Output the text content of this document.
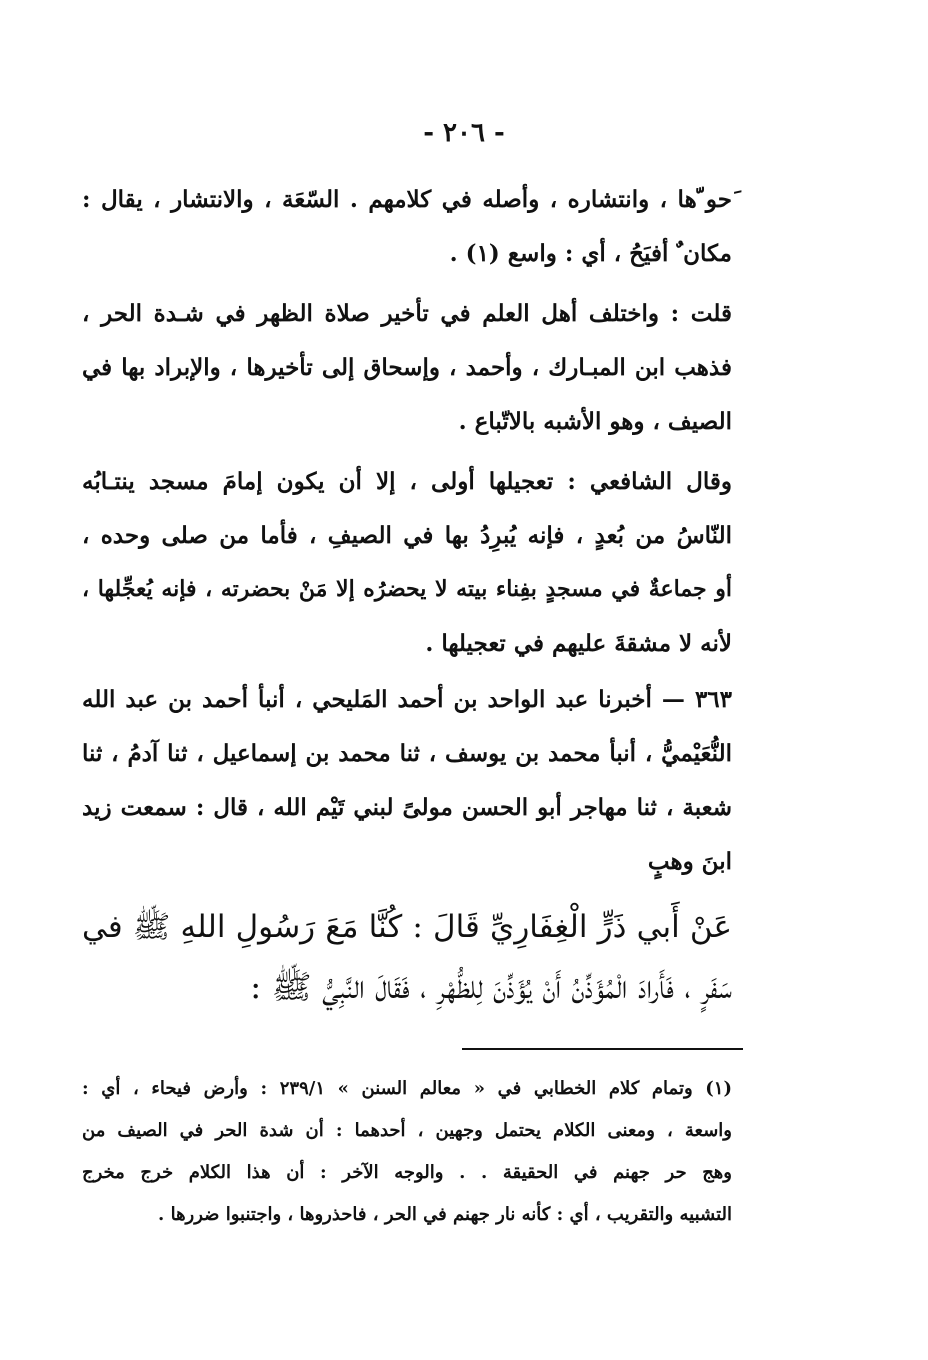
- ٢٠٦ -
َحو ّها ، وانتشاره ، وأصله في كلامهم . السّعَة ، والانتشار ، يقال :
مكان ٌ أفيَحُ ، أي : واسع (١) .
قلت : واختلف أهل العلم في تأخير صلاة الظهر في شـدة الحر ،
فذهب ابن المبـارك ، وأحمد ، وإسحاق إلى تأخيرها ، والإبراد بها في
الصيف ، وهو الأشبه بالاتّباع .
وقال الشافعي : تعجيلها أولى ، إلا أن يكون إمامَ مسجد ينتـابُه
النّاسُ من بُعدٍ ، فإنه يُبرِدُ بها في الصيفِ ، فأما من صلى وحده ،
أو جماعةٌ في مسجدٍ بفِناء بيته لا يحضرُه إلا مَنْ بحضرته ، فإنه يُعجِّلها ،
لأنه لا مشقةَ عليهم في تعجيلها .
٣٦٣ — أخبرنا عبد الواحد بن أحمد المَليحي ، أنبأ أحمد بن عبد الله
النُّعَيْميُّ ، أنبأ محمد بن يوسف ، ثنا محمد بن إسماعيل ، ثنا آدمُ ، ثنا
شعبة ، ثنا مهاجر أبو الحسن مولىً لبني تَيْم الله ، قال : سمعت زيد
ابنَ وهبٍ
عَنْ أَبي ذَرٍّ الْغِفَارِيِّ قَالَ : كُنَّا مَعَ رَسُولِ اللهِ ﷺ في
سَفَرٍ ، فَأَرادَ الْمُؤَذِّنُ أَنْ يُؤَذِّنَ لِلظُّهْرِ ، فَقَالَ النَّبِيُّ ﷺ :
(١) وتمام كلام الخطابي في « معالم السنن » ٢٣٩/١ : وأرض فيحاء ، أي :
واسعة ، ومعنى الكلام يحتمل وجهين ، أحدهما : أن شدة الحر في الصيف من
وهج حر جهنم في الحقيقة . . والوجه الآخر : أن هذا الكلام خرج مخرج
التشبيه والتقريب ، أي : كأنه نار جهنم في الحر ، فاحذروها ، واجتنبوا ضررها .
